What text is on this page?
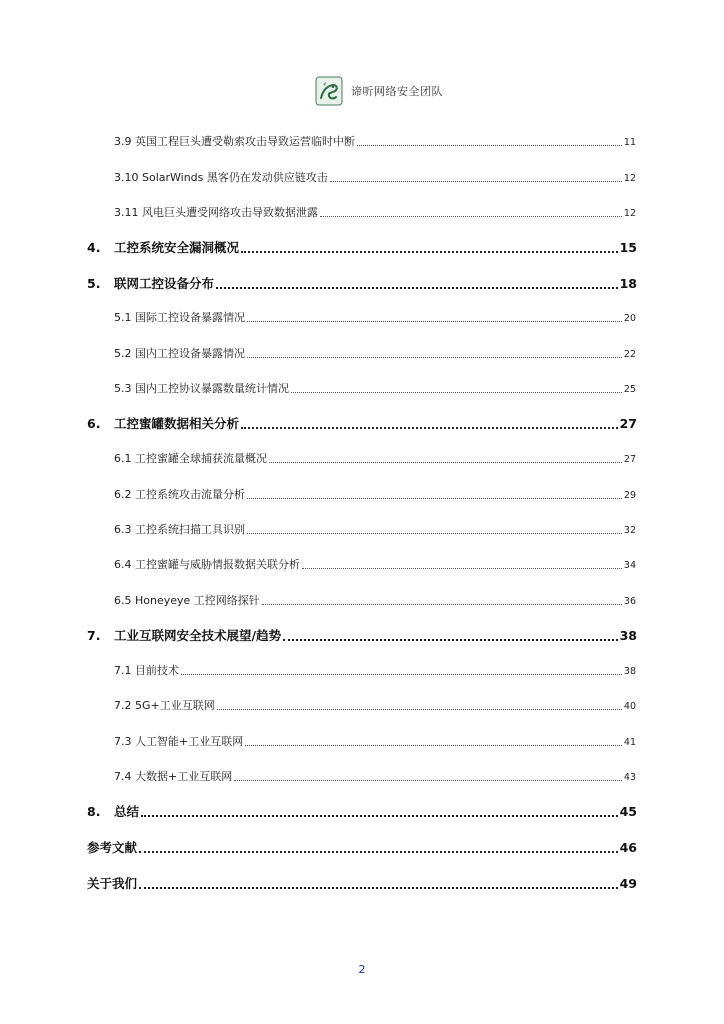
谛听网络安全团队
3.9 英国工程巨头遭受勒索攻击导致运营临时中断	11
3.10 SolarWinds 黑客仍在发动供应链攻击	12
3.11 风电巨头遭受网络攻击导致数据泄露	12
4.	工控系统安全漏洞概况	15
5.	联网工控设备分布	18
5.1 国际工控设备暴露情况	20
5.2 国内工控设备暴露情况	22
5.3 国内工控协议暴露数量统计情况	25
6.	工控蜜罐数据相关分析	27
6.1 工控蜜罐全球捕获流量概况	27
6.2 工控系统攻击流量分析	29
6.3 工控系统扫描工具识别	32
6.4 工控蜜罐与威胁情报数据关联分析	34
6.5 Honeyeye 工控网络探针	36
7.	工业互联网安全技术展望/趋势	38
7.1 目前技术	38
7.2 5G+工业互联网	40
7.3 人工智能+工业互联网	41
7.4 大数据+工业互联网	43
8.	总结	45
参考文献	46
关于我们	49
2
